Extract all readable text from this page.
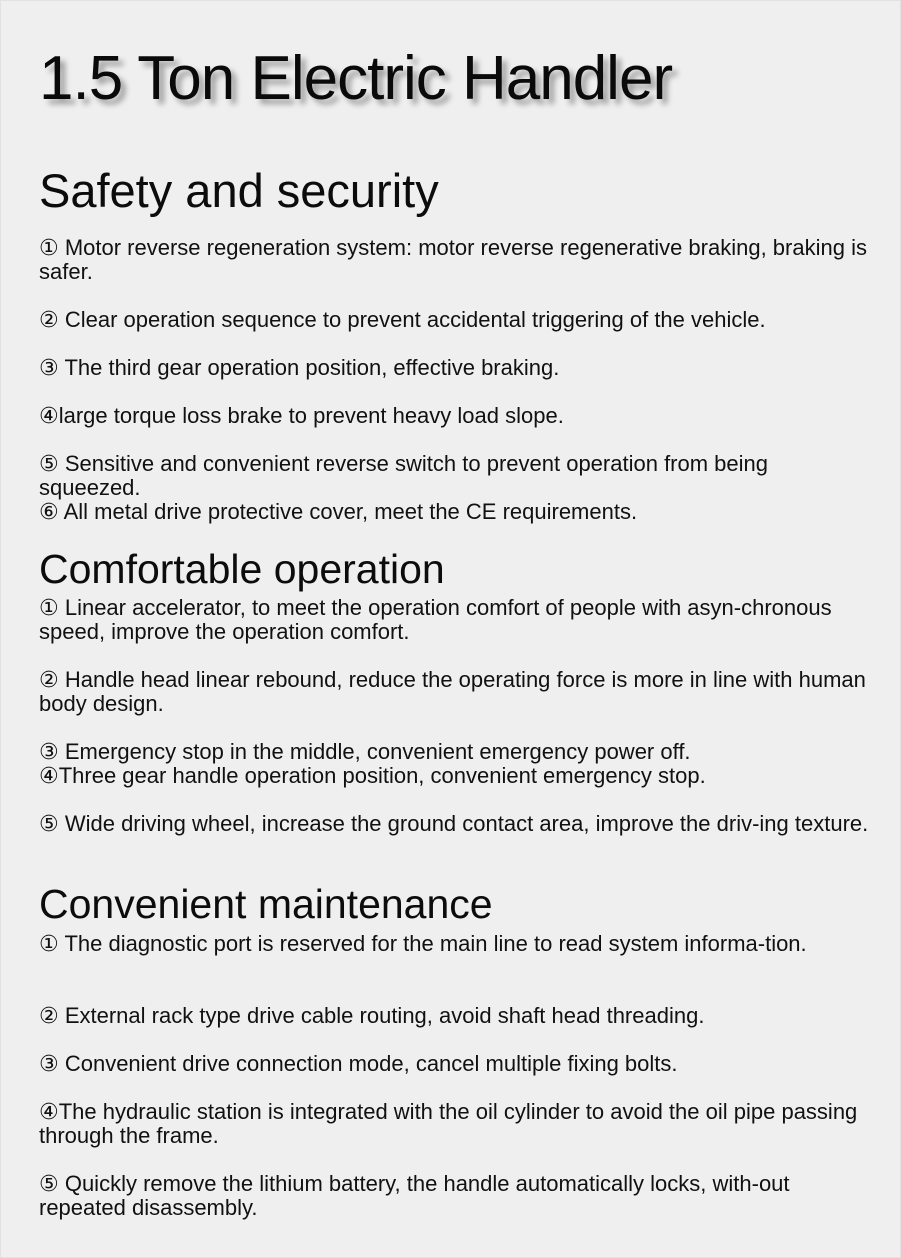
1.5 Ton Electric Handler
Safety and security

① Motor reverse regeneration system: motor reverse regenerative braking, braking is safer.

② Clear operation sequence to prevent accidental triggering of the vehicle.

③ The third gear operation position, effective braking.

④large torque loss brake to prevent heavy load slope.

⑤ Sensitive and convenient reverse switch to prevent operation from being squeezed.

⑥ All metal drive protective cover, meet the CE requirements.

Comfortable operation

① Linear accelerator, to meet the operation comfort of people with asyn-chronous speed, improve the operation comfort.

② Handle head linear rebound, reduce the operating force is more in line with human body design.

③ Emergency stop in the middle, convenient emergency power off.

④Three gear handle operation position, convenient emergency stop.

⑤ Wide driving wheel, increase the ground contact area, improve the driv-ing texture.

Convenient maintenance

① The diagnostic port is reserved for the main line to read system informa-tion.

② External rack type drive cable routing, avoid shaft head threading.

③ Convenient drive connection mode, cancel multiple fixing bolts.

④The hydraulic station is integrated with the oil cylinder to avoid the oil pipe passing through the frame.

⑤ Quickly remove the lithium battery, the handle automatically locks, with-out repeated disassembly.
